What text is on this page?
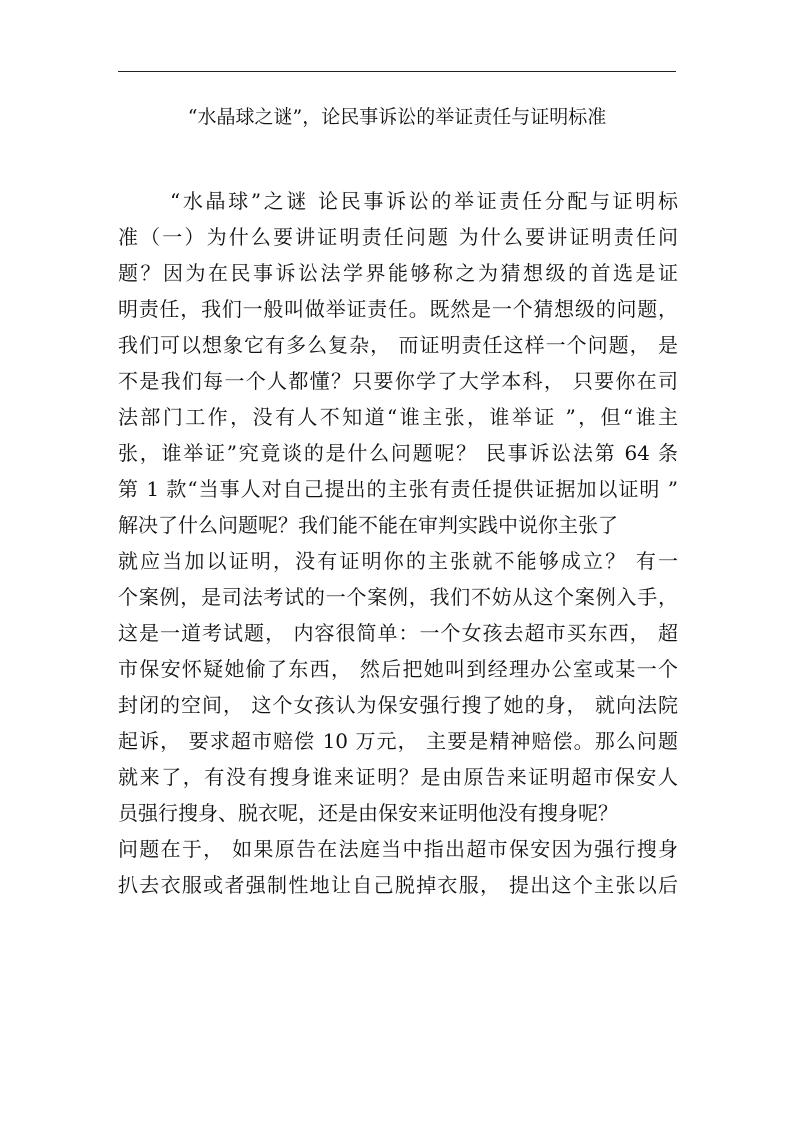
“水晶球之谜”，论民事诉讼的举证责任与证明标准
“水晶球”之谜 论民事诉讼的举证责任分配与证明标
准（一）为什么要讲证明责任问题 为什么要讲证明责任问
题？因为在民事诉讼法学界能够称之为猜想级的首选是证
明责任，我们一般叫做举证责任。既然是一个猜想级的问题，
我们可以想象它有多么复杂， 而证明责任这样一个问题， 是
不是我们每一个人都懂？只要你学了大学本科， 只要你在司
法部门工作，没有人不知道“谁主张，谁举证 ”，但“谁主
张，谁举证”究竟谈的是什么问题呢？ 民事诉讼法第 64 条
第 1 款“当事人对自己提出的主张有责任提供证据加以证明 ”
解决了什么问题呢？我们能不能在审判实践中说你主张了
就应当加以证明，没有证明你的主张就不能够成立？ 有一
个案例，是司法考试的一个案例，我们不妨从这个案例入手，
这是一道考试题， 内容很简单：一个女孩去超市买东西， 超
市保安怀疑她偷了东西， 然后把她叫到经理办公室或某一个
封闭的空间， 这个女孩认为保安强行搜了她的身， 就向法院
起诉， 要求超市赔偿 10 万元， 主要是精神赔偿。那么问题
就来了，有没有搜身谁来证明？是由原告来证明超市保安人
员强行搜身、脱衣呢，还是由保安来证明他没有搜身呢？
问题在于， 如果原告在法庭当中指出超市保安因为强行搜身
扒去衣服或者强制性地让自己脱掉衣服， 提出这个主张以后
